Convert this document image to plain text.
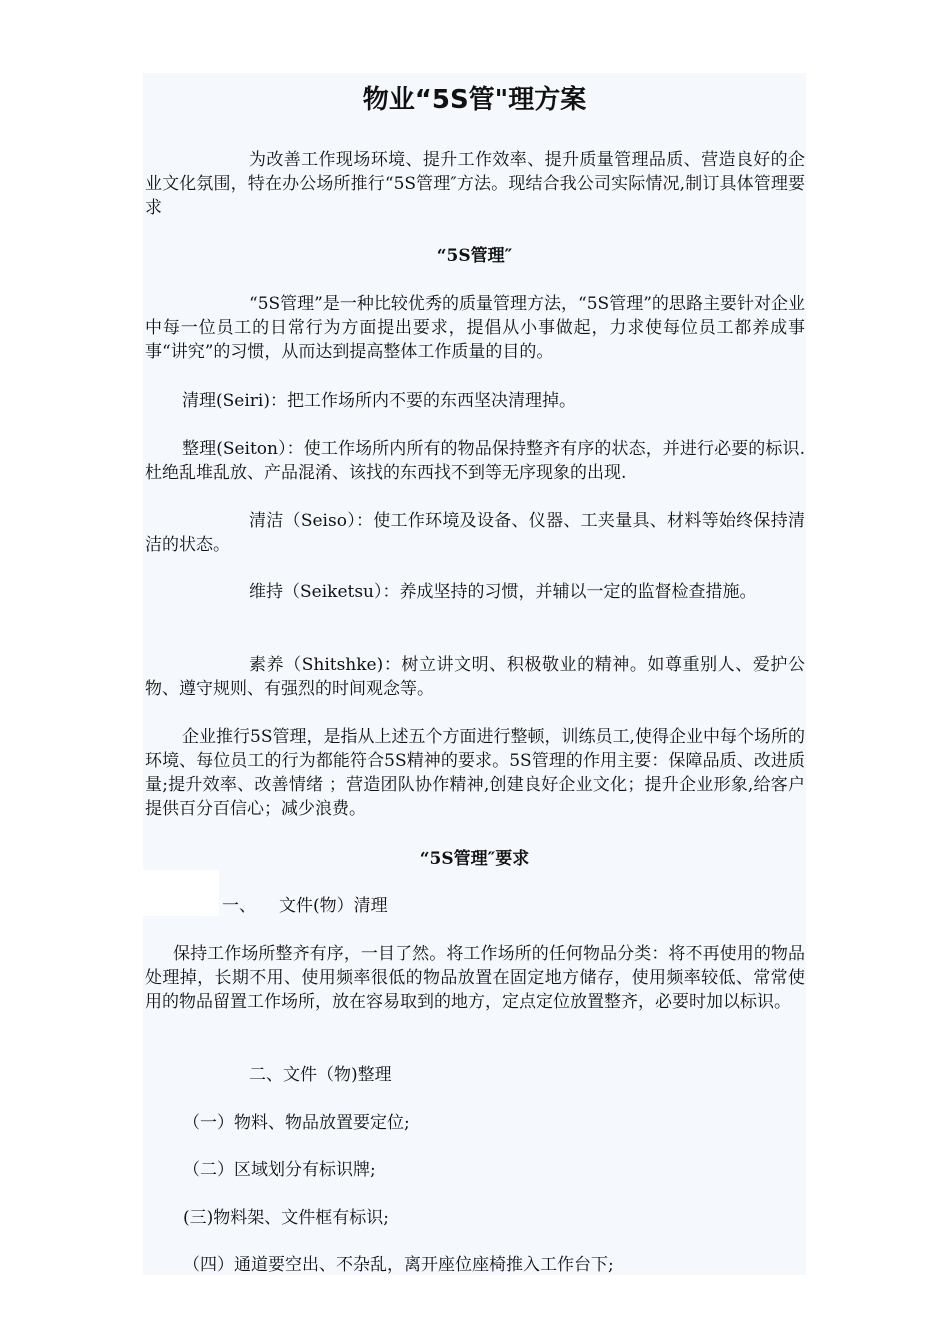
物业“5S管"理方案

为改善工作现场环境、提升工作效率、提升质量管理品质、营造良好的企业文化氛围，特在办公场所推行“5S管理″方法。现结合我公司实际情况,制订具体管理要求

“5S管理″

“5S管理”是一种比较优秀的质量管理方法，“5S管理”的思路主要针对企业中每一位员工的日常行为方面提出要求，提倡从小事做起，力求使每位员工都养成事事“讲究”的习惯，从而达到提高整体工作质量的目的。

清理(Seiri)：把工作场所内不要的东西坚决清理掉。

整理(Seiton）：使工作场所内所有的物品保持整齐有序的状态，并进行必要的标识.杜绝乱堆乱放、产品混淆、该找的东西找不到等无序现象的出现.

清洁（Seiso）：使工作环境及设备、仪器、工夹量具、材料等始终保持清洁的状态。

维持（Seiketsu）：养成坚持的习惯，并辅以一定的监督检查措施。

素养（Shitshke)：树立讲文明、积极敬业的精神。如尊重别人、爱护公物、遵守规则、有强烈的时间观念等。

企业推行5S管理，是指从上述五个方面进行整顿，训练员工,使得企业中每个场所的环境、每位员工的行为都能符合5S精神的要求。5S管理的作用主要：保障品质、改进质量;提升效率、改善情绪 ；营造团队协作精神,创建良好企业文化；提升企业形象,给客户提供百分百信心；减少浪费。

“5S管理″要求

一、 文件(物）清理

保持工作场所整齐有序，一目了然。将工作场所的任何物品分类：将不再使用的物品处理掉，长期不用、使用频率很低的物品放置在固定地方储存，使用频率较低、常常使用的物品留置工作场所，放在容易取到的地方，定点定位放置整齐，必要时加以标识。

二、文件（物)整理

（一）物料、物品放置要定位;

（二）区域划分有标识牌;

(三)物料架、文件框有标识;

（四）通道要空出、不杂乱，离开座位座椅推入工作台下;
